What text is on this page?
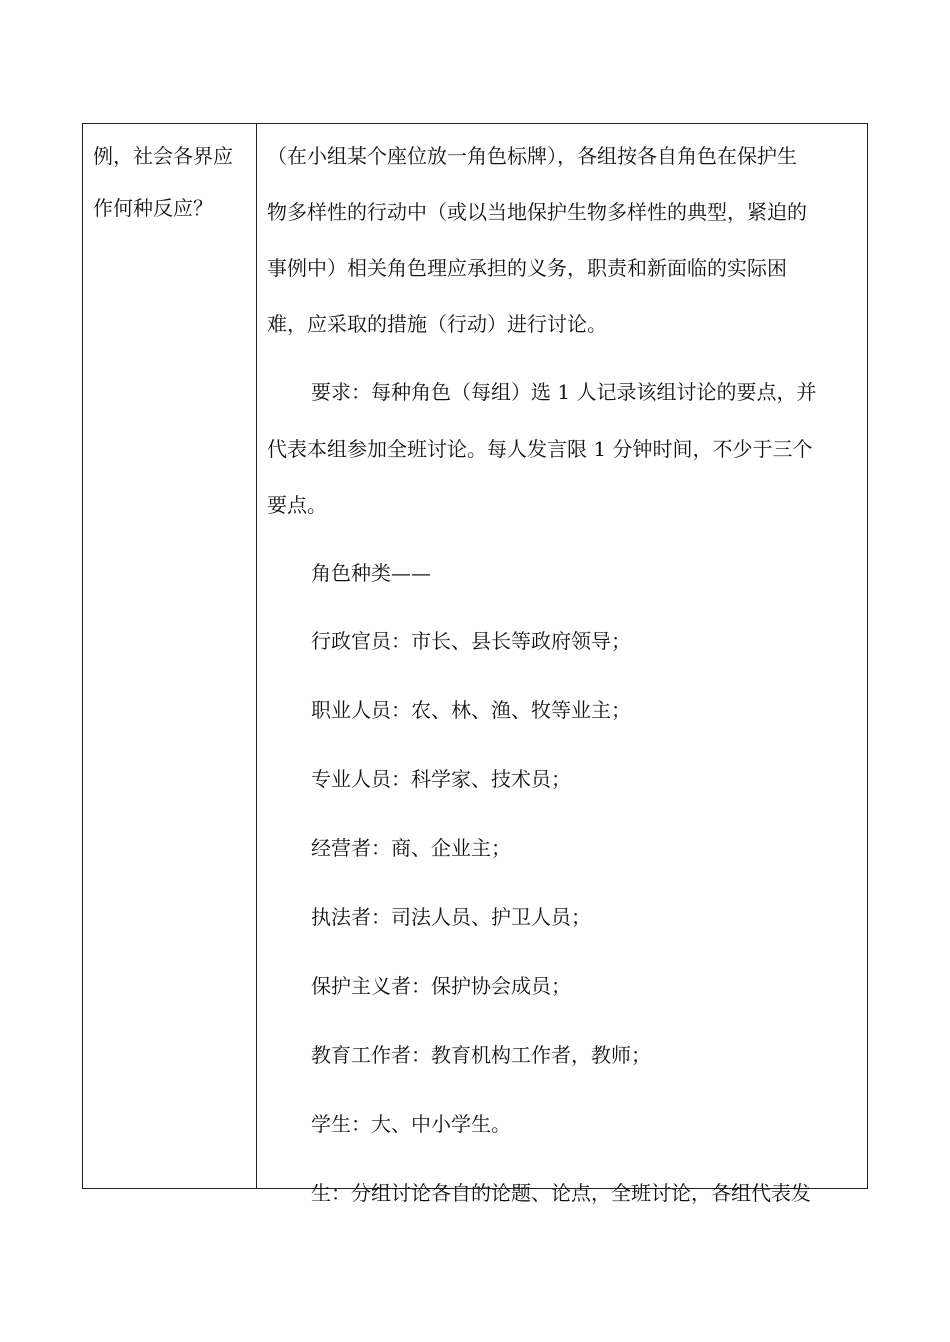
例，社会各界应
作何种反应？
（在小组某个座位放一角色标牌），各组按各自角色在保护生
物多样性的行动中（或以当地保护生物多样性的典型，紧迫的
事例中）相关角色理应承担的义务，职责和新面临的实际困
难，应采取的措施（行动）进行讨论。
要求：每种角色（每组）选 1 人记录该组讨论的要点，并
代表本组参加全班讨论。每人发言限 1 分钟时间，不少于三个
要点。
角色种类——
行政官员：市长、县长等政府领导；
职业人员：农、林、渔、牧等业主；
专业人员：科学家、技术员；
经营者：商、企业主；
执法者：司法人员、护卫人员；
保护主义者：保护协会成员；
教育工作者：教育机构工作者，教师；
学生：大、中小学生。
生：分组讨论各自的论题、论点，全班讨论，各组代表发
